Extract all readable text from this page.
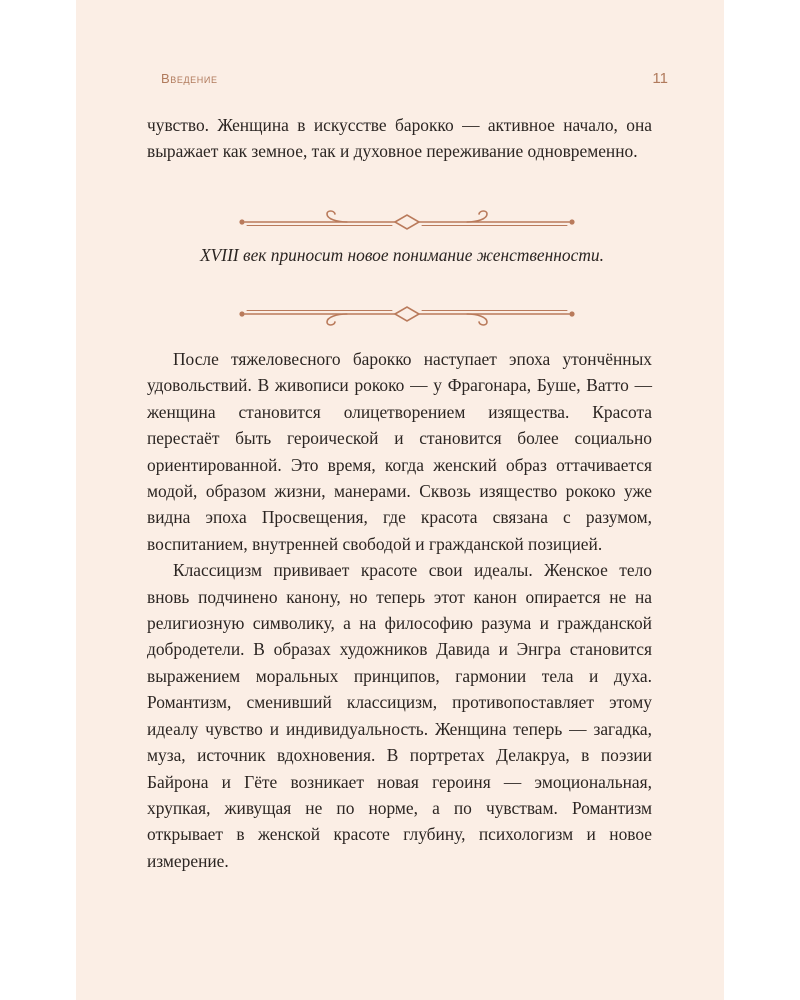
Введение	11

чувство. Женщина в искусстве барокко — активное начало, она выражает как земное, так и духовное переживание одновременно.

XVIII век приносит новое понимание женственности.

После тяжеловесного барокко наступает эпоха утончённых удовольствий. В живописи рококо — у Фрагонара, Буше, Ватто — женщина становится олицетворением изящества. Красота перестаёт быть героической и становится более социально ориентированной. Это время, когда женский образ оттачивается модой, образом жизни, манерами. Сквозь изящество рококо уже видна эпоха Просвещения, где красота связана с разумом, воспитанием, внутренней свободой и гражданской позицией.

Классицизм прививает красоте свои идеалы. Женское тело вновь подчинено канону, но теперь этот канон опирается не на религиозную символику, а на философию разума и гражданской добродетели. В образах художников Давида и Энгра становится выражением моральных принципов, гармонии тела и духа. Романтизм, сменивший классицизм, противопоставляет этому идеалу чувство и индивидуальность. Женщина теперь — загадка, муза, источник вдохновения. В портретах Делакруа, в поэзии Байрона и Гёте возникает новая героиня — эмоциональная, хрупкая, живущая не по норме, а по чувствам. Романтизм открывает в женской красоте глубину, психологизм и новое измерение.
